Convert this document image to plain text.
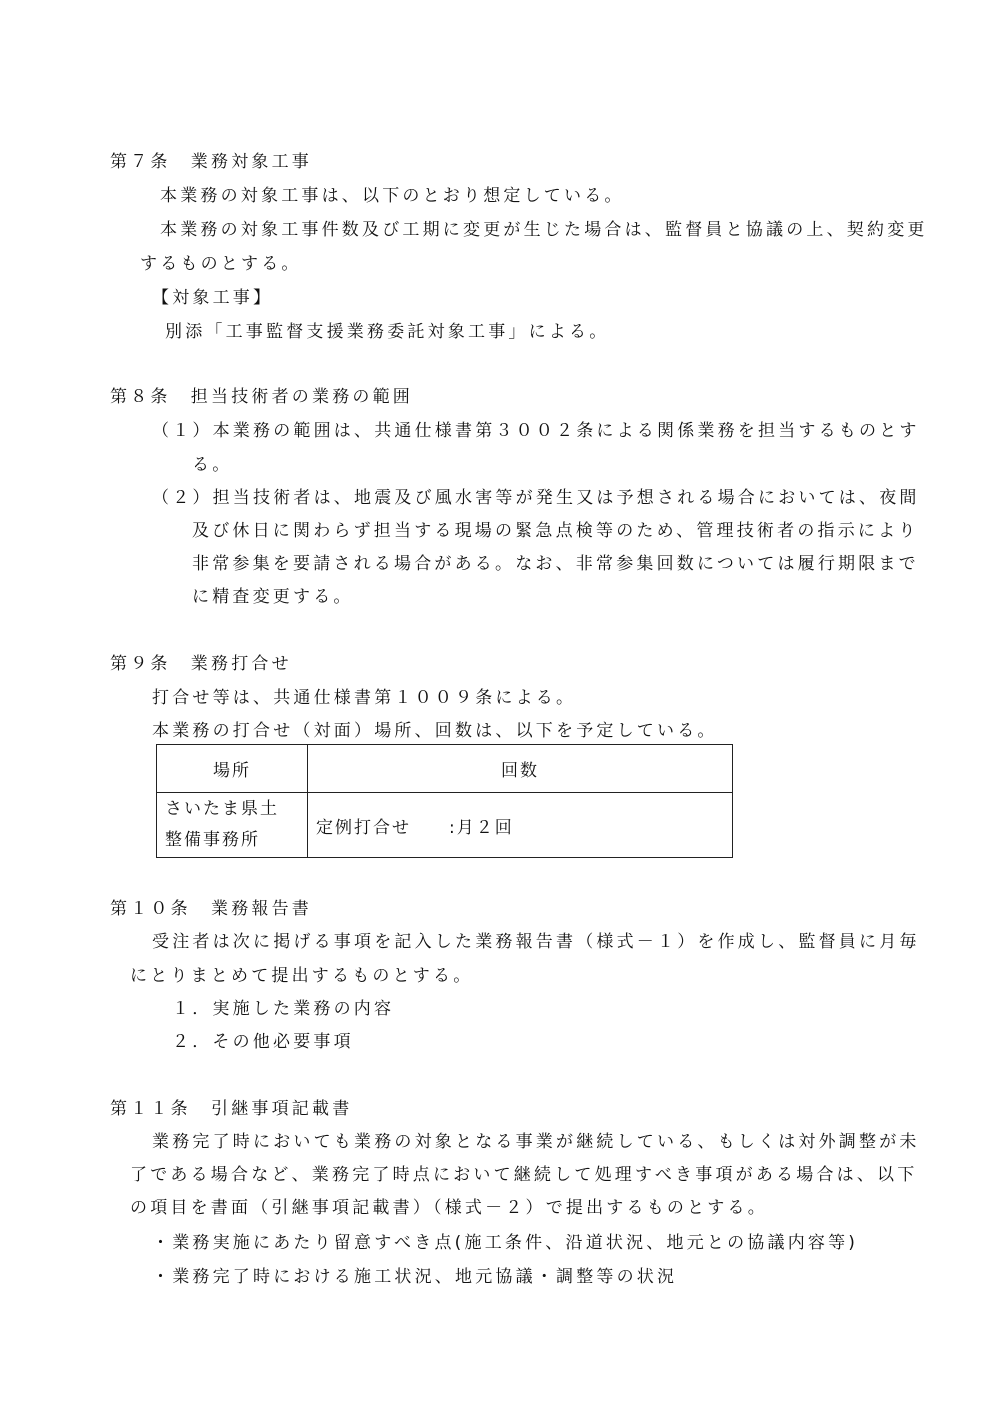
第７条　業務対象工事
本業務の対象工事は、以下のとおり想定している。
本業務の対象工事件数及び工期に変更が生じた場合は、監督員と協議の上、契約変更
するものとする。
【対象工事】
別添「工事監督支援業務委託対象工事」による。
第８条　担当技術者の業務の範囲
（１）本業務の範囲は、共通仕様書第３００２条による関係業務を担当するものとす
る。
（２）担当技術者は、地震及び風水害等が発生又は予想される場合においては、夜間
及び休日に関わらず担当する現場の緊急点検等のため、管理技術者の指示により
非常参集を要請される場合がある。なお、非常参集回数については履行期限まで
に精査変更する。
第９条　業務打合せ
打合せ等は、共通仕様書第１００９条による。
本業務の打合せ（対面）場所、回数は、以下を予定している。
場所	回数

さいたま県土
整備事務所	定例打合せ　　:月２回
第１０条　業務報告書
受注者は次に掲げる事項を記入した業務報告書（様式－１）を作成し、監督員に月毎
にとりまとめて提出するものとする。
１．実施した業務の内容
２．その他必要事項
第１１条　引継事項記載書
業務完了時においても業務の対象となる事業が継続している、もしくは対外調整が未
了である場合など、業務完了時点において継続して処理すべき事項がある場合は、以下
の項目を書面（引継事項記載書）（様式－２）で提出するものとする。
・業務実施にあたり留意すべき点(施工条件、沿道状況、地元との協議内容等)
・業務完了時における施工状況、地元協議・調整等の状況
